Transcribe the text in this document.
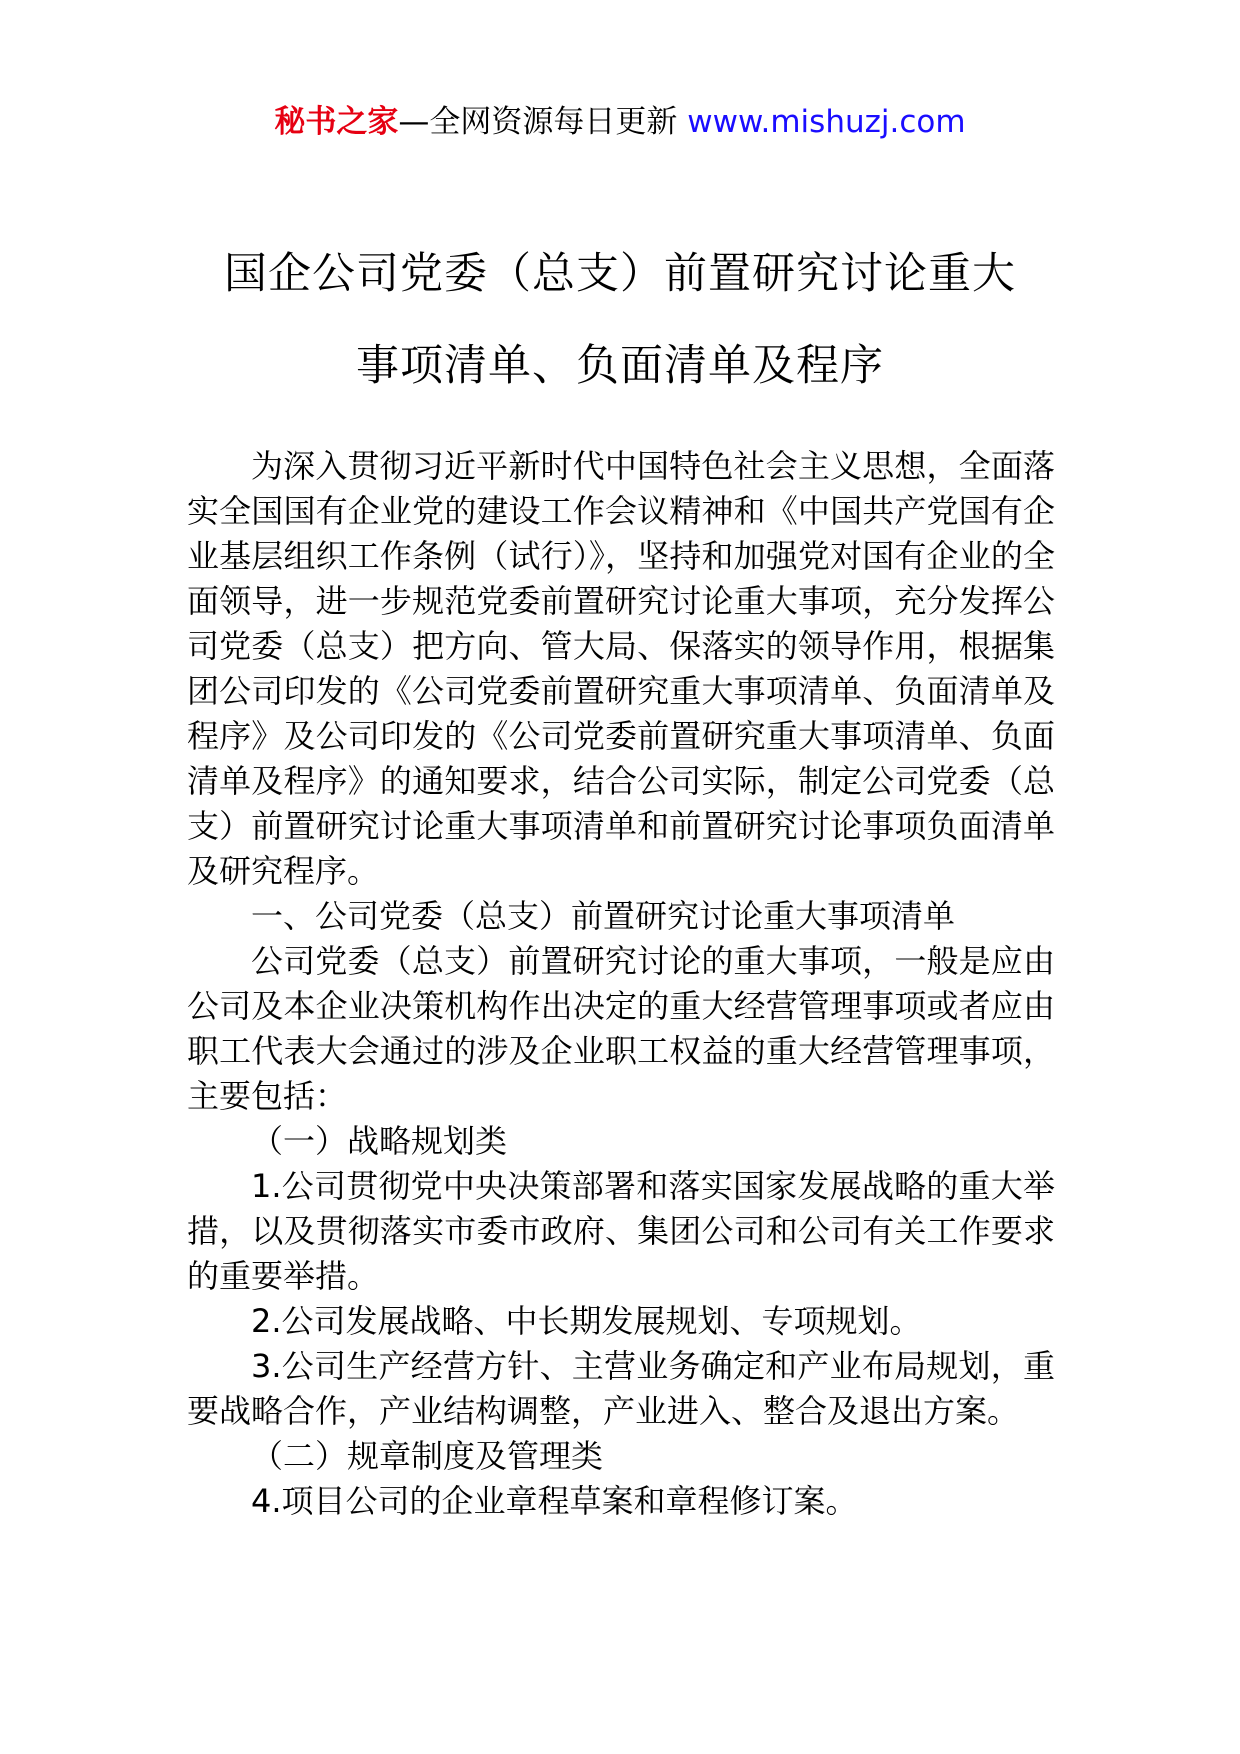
秘书之家—全网资源每日更新 www.mishuzj.com
国企公司党委（总支）前置研究讨论重大
事项清单、负面清单及程序

为深入贯彻习近平新时代中国特色社会主义思想，全面落实全国国有企业党的建设工作会议精神和《中国共产党国有企业基层组织工作条例（试行）》，坚持和加强党对国有企业的全面领导，进一步规范党委前置研究讨论重大事项，充分发挥公司党委（总支）把方向、管大局、保落实的领导作用，根据集团公司印发的《公司党委前置研究重大事项清单、负面清单及程序》及公司印发的《公司党委前置研究重大事项清单、负面清单及程序》的通知要求，结合公司实际，制定公司党委（总支）前置研究讨论重大事项清单和前置研究讨论事项负面清单及研究程序。

一、公司党委（总支）前置研究讨论重大事项清单

公司党委（总支）前置研究讨论的重大事项，一般是应由公司及本企业决策机构作出决定的重大经营管理事项或者应由职工代表大会通过的涉及企业职工权益的重大经营管理事项，主要包括：

（一）战略规划类

1.公司贯彻党中央决策部署和落实国家发展战略的重大举措，以及贯彻落实市委市政府、集团公司和公司有关工作要求的重要举措。

2.公司发展战略、中长期发展规划、专项规划。

3.公司生产经营方针、主营业务确定和产业布局规划，重要战略合作，产业结构调整，产业进入、整合及退出方案。

（二）规章制度及管理类

4.项目公司的企业章程草案和章程修订案。
